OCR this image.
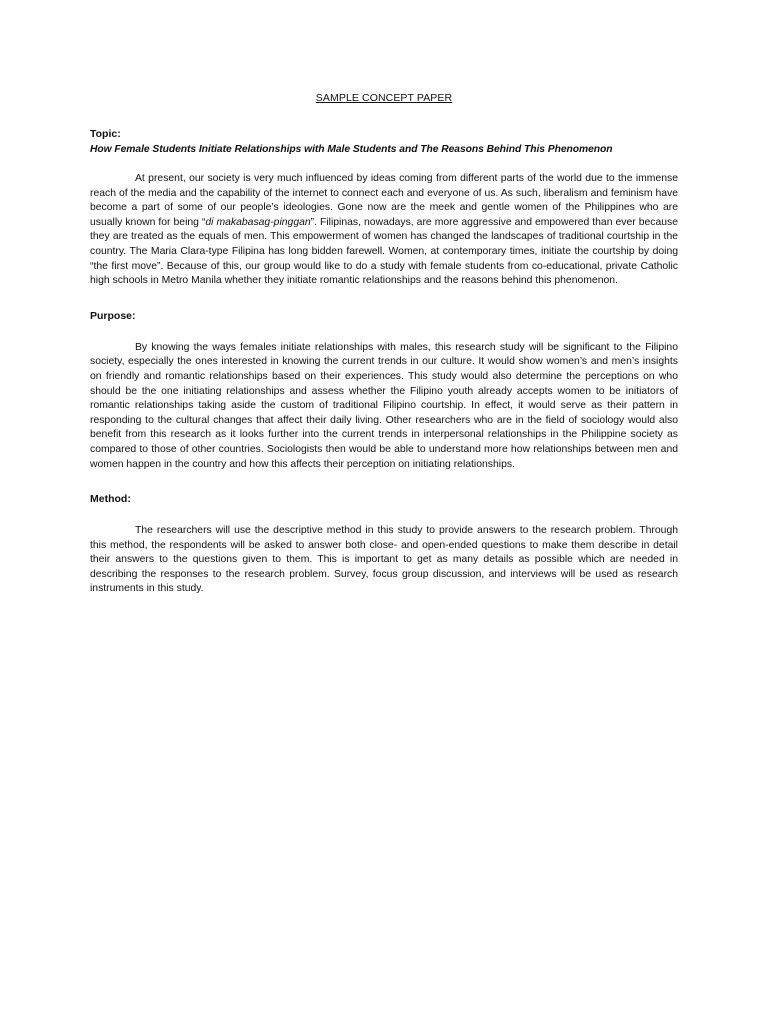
SAMPLE CONCEPT PAPER

Topic:

How Female Students Initiate Relationships with Male Students and The Reasons Behind This Phenomenon

At present, our society is very much influenced by ideas coming from different parts of the world due to the immense reach of the media and the capability of the internet to connect each and everyone of us. As such, liberalism and feminism have become a part of some of our people’s ideologies. Gone now are the meek and gentle women of the Philippines who are usually known for being “di makabasag-pinggan”. Filipinas, nowadays, are more aggressive and empowered than ever because they are treated as the equals of men. This empowerment of women has changed the landscapes of traditional courtship in the country. The Maria Clara-type Filipina has long bidden farewell. Women, at contemporary times, initiate the courtship by doing “the first move”. Because of this, our group would like to do a study with female students from co-educational, private Catholic high schools in Metro Manila whether they initiate romantic relationships and the reasons behind this phenomenon.

Purpose:

By knowing the ways females initiate relationships with males, this research study will be significant to the Filipino society, especially the ones interested in knowing the current trends in our culture. It would show women’s and men’s insights on friendly and romantic relationships based on their experiences. This study would also determine the perceptions on who should be the one initiating relationships and assess whether the Filipino youth already accepts women to be initiators of romantic relationships taking aside the custom of traditional Filipino courtship. In effect, it would serve as their pattern in responding to the cultural changes that affect their daily living. Other researchers who are in the field of sociology would also benefit from this research as it looks further into the current trends in interpersonal relationships in the Philippine society as compared to those of other countries. Sociologists then would be able to understand more how relationships between men and women happen in the country and how this affects their perception on initiating relationships.

Method:

The researchers will use the descriptive method in this study to provide answers to the research problem. Through this method, the respondents will be asked to answer both close- and open-ended questions to make them describe in detail their answers to the questions given to them. This is important to get as many details as possible which are needed in describing the responses to the research problem. Survey, focus group discussion, and interviews will be used as research instruments in this study.
